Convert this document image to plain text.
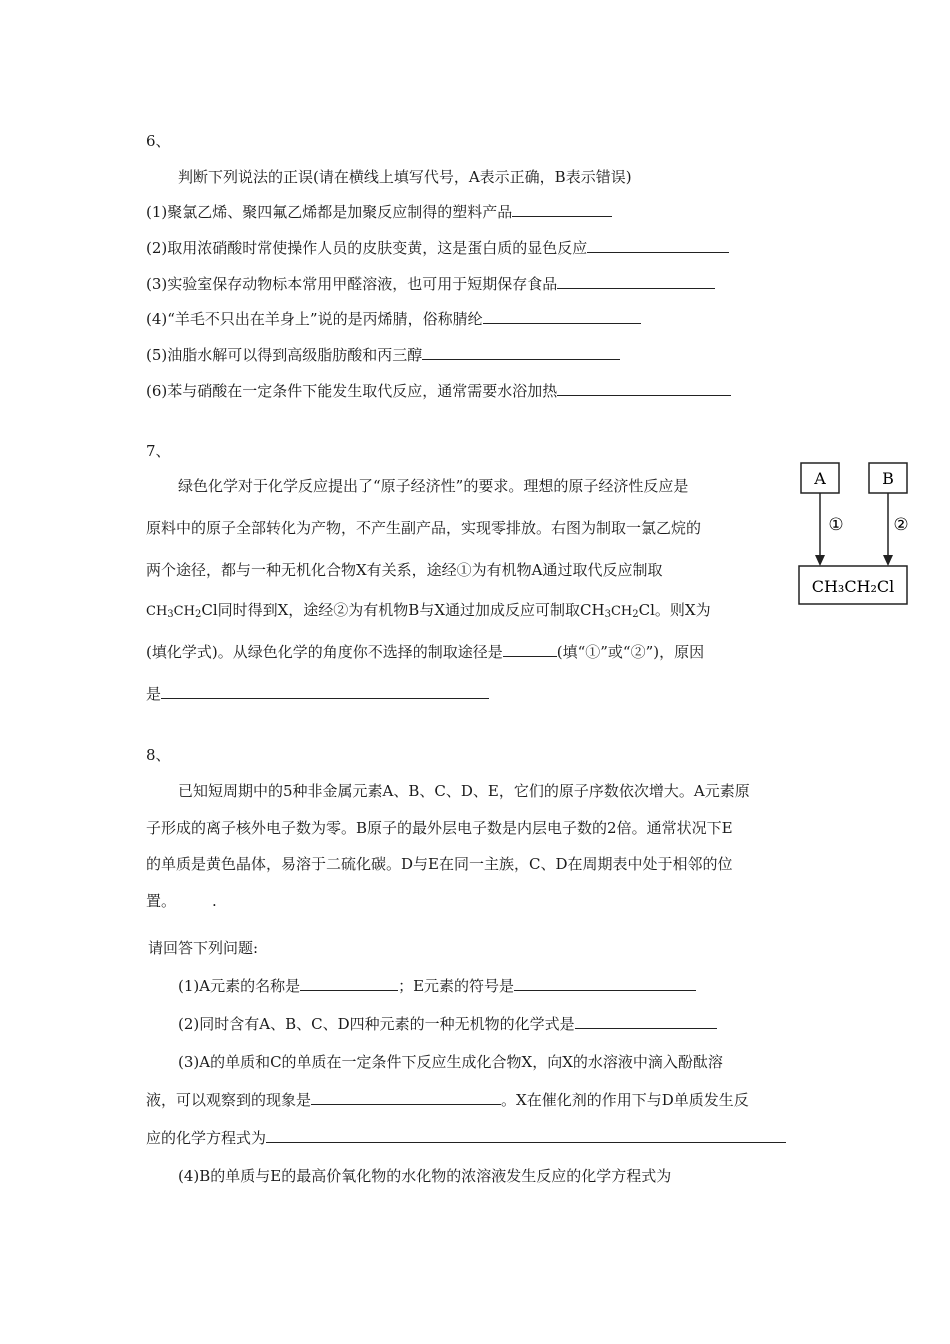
6、
判断下列说法的正误(请在横线上填写代号，A表示正确，B表示错误)
(1)聚氯乙烯、聚四氟乙烯都是加聚反应制得的塑料产品
(2)取用浓硝酸时常使操作人员的皮肤变黄，这是蛋白质的显色反应
(3)实验室保存动物标本常用甲醛溶液，也可用于短期保存食品
(4)“羊毛不只出在羊身上”说的是丙烯腈，俗称腈纶
(5)油脂水解可以得到高级脂肪酸和丙三醇
(6)苯与硝酸在一定条件下能发生取代反应，通常需要水浴加热
7、
绿色化学对于化学反应提出了“原子经济性”的要求。理想的原子经济性反应是
原料中的原子全部转化为产物，不产生副产品，实现零排放。右图为制取一氯乙烷的
两个途径，都与一种无机化合物X有关系，途经①为有机物A通过取代反应制取
$CH_3CH_2Cl$同时得到X，途经②为有机物B与X通过加成反应可制取$CH_3CH_2Cl$。则X为
(填化学式)。从绿色化学的角度你不选择的制取途径是	(填“①”或“②”)，原因
是
A	B
①	②
CH₃CH₂Cl
8、
已知短周期中的5种非金属元素A、B、C、D、E，它们的原子序数依次增大。A元素原
子形成的离子核外电子数为零。B原子的最外层电子数是内层电子数的2倍。通常状况下E
的单质是黄色晶体，易溶于二硫化碳。D与E在同一主族，C、D在周期表中处于相邻的位
置。 .
请回答下列问题:
(1)A元素的名称是	；E元素的符号是
(2)同时含有A、B、C、D四种元素的一种无机物的化学式是
(3)A的单质和C的单质在一定条件下反应生成化合物X，向X的水溶液中滴入酚酞溶
液，可以观察到的现象是	。X在催化剂的作用下与D单质发生反
应的化学方程式为
(4)B的单质与E的最高价氧化物的水化物的浓溶液发生反应的化学方程式为
